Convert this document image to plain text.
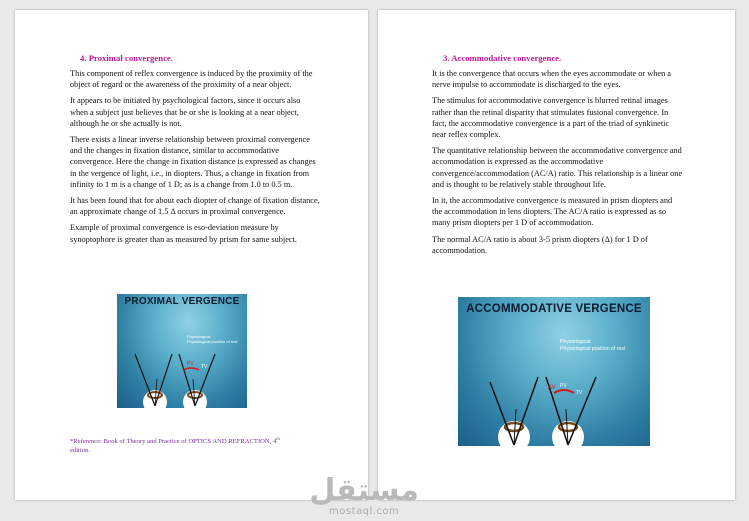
4. Proximal convergence.

This component of reflex convergence is induced by the proximity of the object of regard or the awareness of the proximity of a near object.

It appears to be initiated by psychological factors, since it occurs also when a subject just believes that he or she is looking at a near object, although he or she actually is not.

There exists a linear inverse relationship between proximal convergence and the changes in fixation distance, similar to accommodative convergence. Here the change in fixation distance is expressed as changes in the vergence of light, i.e., in diopters. Thus, a change in fixation from infinity to 1 m is a change of 1 D; as is a change from 1.0 to 0.5 m.

It has been found that for about each diopter of change of fixation distance, an approximate change of 1.5 Δ occurs in proximal convergence.

Example of proximal convergence is eso-deviation measure by synoptophore is greater than as measured by prism for same subject.

PROXIMAL VERGENCE
Physiological
Physiological position of rest
PV TV
*Reference: Book of Theory and Practice of OPTICS AND REFRACTION, 4th
edition.
3. Accommodative convergence.

It is the convergence that occurs when the eyes accommodate or when a nerve impulse to accommodate is discharged to the eyes.

The stimulus for accommodative convergence is blurred retinal images rather than the retinal disparity that stimulates fusional convergence. In fact, the accommodative convergence is a part of the triad of synkinetic near reflex complex.

The quantitative relationship between the accommodative convergence and accommodation is expressed as the accommodative convergence/accommodation (AC/A) ratio. This relationship is a linear one and is thought to be relatively stable throughout life.

In it, the accommodative convergence is measured in prism diopters and the accommodation in lens diopters. The AC/A ratio is expressed as so many prism diopters per 1 D of accommodation.

The normal AC/A ratio is about 3-5 prism diopters (Δ) for 1 D of accommodation.

ACCOMMODATIVE VERGENCE
Physiological
Physiological position of rest
AV PV
TV
مستقل
mostaql.com
